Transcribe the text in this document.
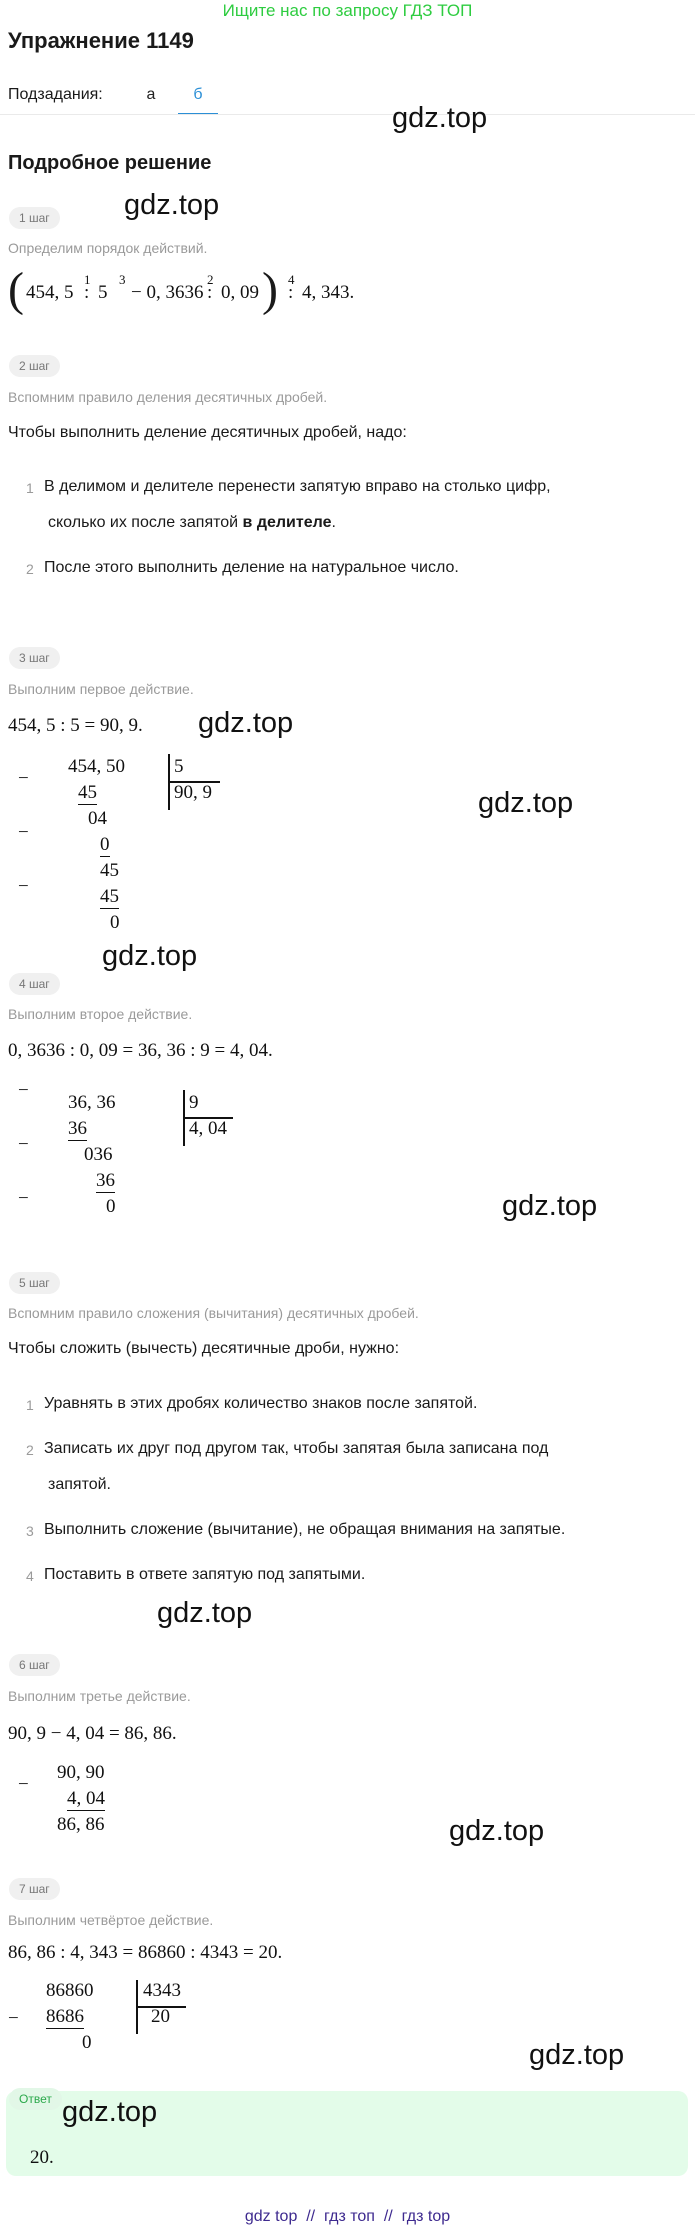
Ищите нас по запросу ГДЗ ТОП
Упражнение 1149
Подзадания:	а	б
gdz.top
Подробное решение
1 шаг	gdz.top
Определим порядок действий.
( 454, 5
1
: 5
3
− 0, 3636
2
: 0, 09 ) 4
: 4, 343.
2 шаг
Вспомним правило деления десятичных дробей.
Чтобы выполнить деление десятичных дробей, надо:
1 В делимом и делителе перенести запятую вправо на столько цифр,
сколько их после запятой в делителе.
2 После этого выполнить деление на натуральное число.
3 шаг
Выполним первое действие.
454, 5 : 5 = 90, 9. gdz.top
gdz.top
−
−
−
454, 50
45
04
0
45
45
0
5
90, 9
gdz.top
4 шаг
Выполним второе действие.
0, 3636 : 0, 09 = 36, 36 : 9 = 4, 04.
−
−
−
36, 36
36
036
36
0
9
4, 04
gdz.top
5 шаг
Вспомним правило сложения (вычитания) десятичных дробей.
Чтобы сложить (вычесть) десятичные дроби, нужно:
1 Уравнять в этих дробях количество знаков после запятой.
2 Записать их друг под другом так, чтобы запятая была записана под
запятой.
3 Выполнить сложение (вычитание), не обращая внимания на запятые.
4 Поставить в ответе запятую под запятыми.
gdz.top
6 шаг
Выполним третье действие.
90, 9 − 4, 04 = 86, 86.
−
90, 90
4, 04
86, 86	gdz.top
7 шаг
Выполним четвёртое действие.
86, 86 : 4, 343 = 86860 : 4343 = 20.
−
86860
8686
0
4343
20
gdz.top
Ответ gdz.top
20.
gdz top // гдз топ // гдз top
